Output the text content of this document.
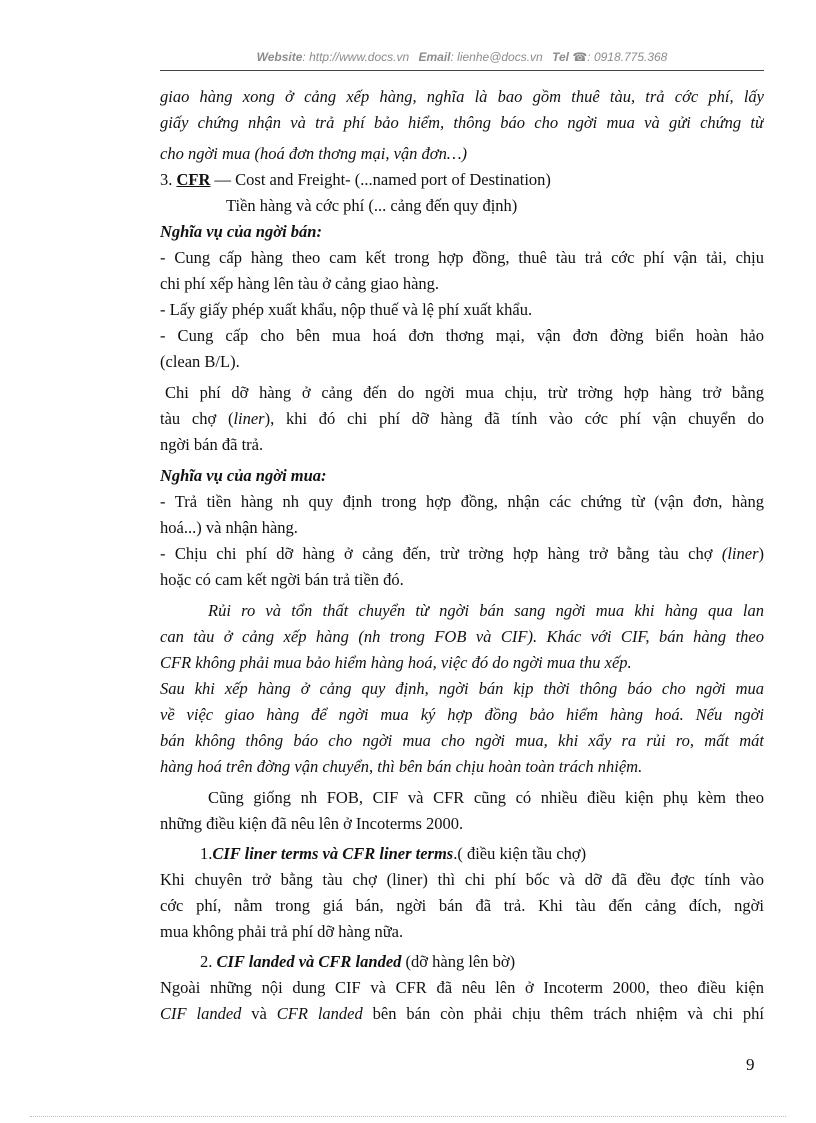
Website: http://www.docs.vn Email: lienhe@docs.vn Tel ☎: 0918.775.368
giao hàng xong ở cảng xếp hàng, nghĩa là bao gồm thuê tàu, trả cớc phí, lấy
giấy chứng nhận và trả phí bảo hiểm, thông báo cho ngời mua và gửi chứng từ
cho ngời mua (hoá đơn thơng mại, vận đơn…)
3. CFR — Cost and Freight- (...named port of Destination)
Tiền hàng và cớc phí (... cảng đến quy định)
Nghĩa vụ của ngời bán:
- Cung cấp hàng theo cam kết trong hợp đồng, thuê tàu trả cớc phí vận tải, chịu
chi phí xếp hàng lên tàu ở cảng giao hàng.
- Lấy giấy phép xuất khẩu, nộp thuế và lệ phí xuất khẩu.
- Cung cấp cho bên mua hoá đơn thơng mại, vận đơn đờng biển hoàn hảo
(clean B/L).
Chi phí dỡ hàng ở cảng đến do ngời mua chịu, trừ trờng hợp hàng trở bằng
tàu chợ (liner), khi đó chi phí dỡ hàng đã tính vào cớc phí vận chuyển do
ngời bán đã trả.
Nghĩa vụ của ngời mua:
- Trả tiền hàng nh quy định trong hợp đồng, nhận các chứng từ (vận đơn, hàng
hoá...) và nhận hàng.
- Chịu chi phí dỡ hàng ở cảng đến, trừ trờng hợp hàng trở bằng tàu chợ (liner)
hoặc có cam kết ngời bán trả tiền đó.
Rủi ro và tổn thất chuyển từ ngời bán sang ngời mua khi hàng qua lan
can tàu ở cảng xếp hàng (nh trong FOB và CIF). Khác với CIF, bán hàng theo
CFR không phải mua bảo hiểm hàng hoá, việc đó do ngời mua thu xếp.
Sau khi xếp hàng ở cảng quy định, ngời bán kịp thời thông báo cho ngời mua
về việc giao hàng để ngời mua ký hợp đồng bảo hiểm hàng hoá. Nếu ngời
bán không thông báo cho ngời mua cho ngời mua, khi xẩy ra rủi ro, mất mát
hàng hoá trên đờng vận chuyển, thì bên bán chịu hoàn toàn trách nhiệm.
Cũng giống nh FOB, CIF và CFR cũng có nhiều điều kiện phụ kèm theo
những điều kiện đã nêu lên ở Incoterms 2000.
1.CIF liner terms và CFR liner terms.( điều kiện tầu chợ)
Khi chuyên trở bằng tàu chợ (liner) thì chi phí bốc và dỡ đã đều đợc tính vào
cớc phí, nằm trong giá bán, ngời bán đã trả. Khi tàu đến cảng đích, ngời
mua không phải trả phí dỡ hàng nữa.
2. CIF landed và CFR landed (dỡ hàng lên bờ)
Ngoài những nội dung CIF và CFR đã nêu lên ở Incoterm 2000, theo điều kiện
CIF landed và CFR landed bên bán còn phải chịu thêm trách nhiệm và chi phí
9
